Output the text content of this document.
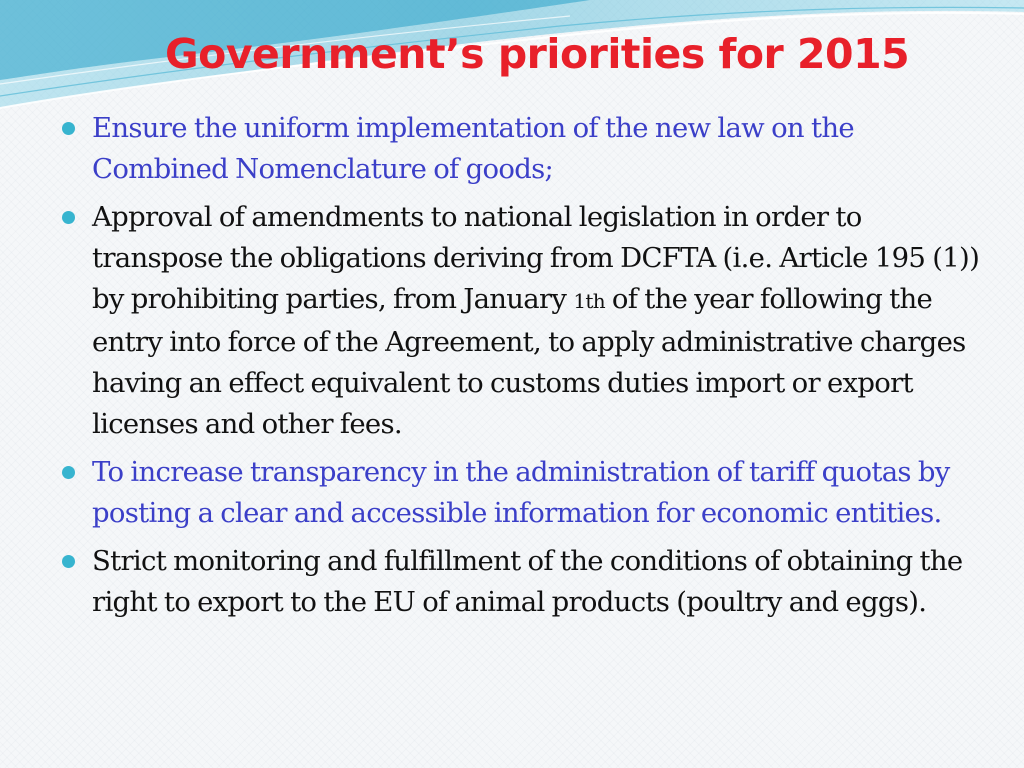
Government’s priorities for 2015
Ensure the uniform implementation of the new law on the Combined Nomenclature of goods;
Approval of amendments to national legislation in order to transpose the obligations deriving from DCFTA (i.e. Article 195 (1)) by prohibiting parties, from January 1th of the year following the entry into force of the Agreement, to apply administrative charges having an effect equivalent to customs duties import or export licenses and other fees.
To increase transparency in the administration of tariff quotas by posting a clear and accessible information for economic entities.
Strict monitoring and fulfillment of the conditions of obtaining the right to export to the EU of animal products (poultry and eggs).
